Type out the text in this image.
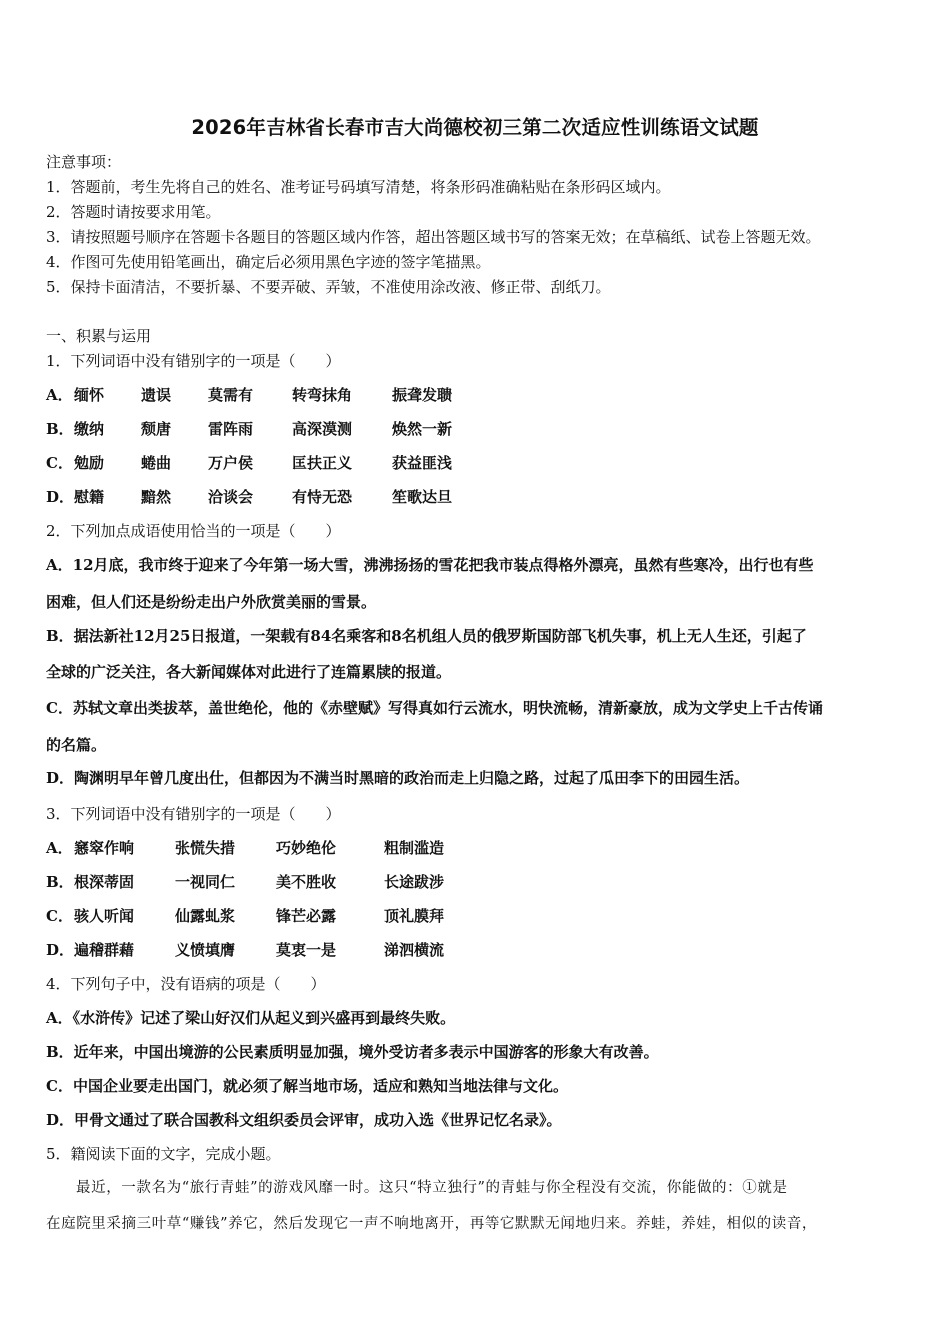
2026年吉林省长春市吉大尚德校初三第二次适应性训练语文试题
注意事项：
1．答题前，考生先将自己的姓名、准考证号码填写清楚，将条形码准确粘贴在条形码区域内。
2．答题时请按要求用笔。
3．请按照题号顺序在答题卡各题目的答题区域内作答，超出答题区域书写的答案无效；在草稿纸、试卷上答题无效。
4．作图可先使用铅笔画出，确定后必须用黑色字迹的签字笔描黑。
5．保持卡面清洁，不要折暴、不要弄破、弄皱，不准使用涂改液、修正带、刮纸刀。
一、积累与运用
1．下列词语中没有错别字的一项是（　　）
A． 缅怀 遗误 莫需有	转弯抹角	振聋发聩
B． 缴纳 颓唐 雷阵雨	高深漠测	焕然一新
C． 勉励 蜷曲 万户侯	匡扶正义	获益匪浅
D． 慰籍 黯然 洽谈会	有恃无恐	笙歌达旦
2．下列加点成语使用恰当的一项是（　　）
A．12月底，我市终于迎来了今年第一场大雪，沸沸扬扬的雪花把我市装点得格外漂亮，虽然有些寒冷，出行也有些
困难，但人们还是纷纷走出户外欣赏美丽的雪景。
B．据法新社12月25日报道，一架载有84名乘客和8名机组人员的俄罗斯国防部飞机失事，机上无人生还，引起了
全球的广泛关注，各大新闻媒体对此进行了连篇累牍的报道。
C．苏轼文章出类拔萃，盖世绝伦，他的《赤壁赋》写得真如行云流水，明快流畅，清新豪放，成为文学史上千古传诵
的名篇。
D．陶渊明早年曾几度出仕，但都因为不满当时黑暗的政治而走上归隐之路，过起了瓜田李下的田园生活。
3．下列词语中没有错别字的一项是（　　）
A． 窸窣作响	张慌失措	巧妙绝伦	粗制滥造
B． 根深蒂固	一视同仁	美不胜收	长途跋涉
C． 骇人听闻	仙露虬浆	锋芒必露	顶礼膜拜
D． 遍稽群藉	义愤填膺	莫衷一是	涕泗横流
4．下列句子中，没有语病的项是（　　）
A．《水浒传》记述了梁山好汉们从起义到兴盛再到最终失败。
B．近年来，中国出境游的公民素质明显加强，境外受访者多表示中国游客的形象大有改善。
C．中国企业要走出国门，就必须了解当地市场，适应和熟知当地法律与文化。
D．甲骨文通过了联合国教科文组织委员会评审，成功入选《世界记忆名录》。
5．籍阅读下面的文字，完成小题。
最近，一款名为“旅行青蛙”的游戏风靡一时。这只“特立独行”的青蛙与你全程没有交流，你能做的：①就是
在庭院里采摘三叶草“赚钱”养它，然后发现它一声不响地离开，再等它默默无闻地归来。养蛙，养娃，相似的读音，
